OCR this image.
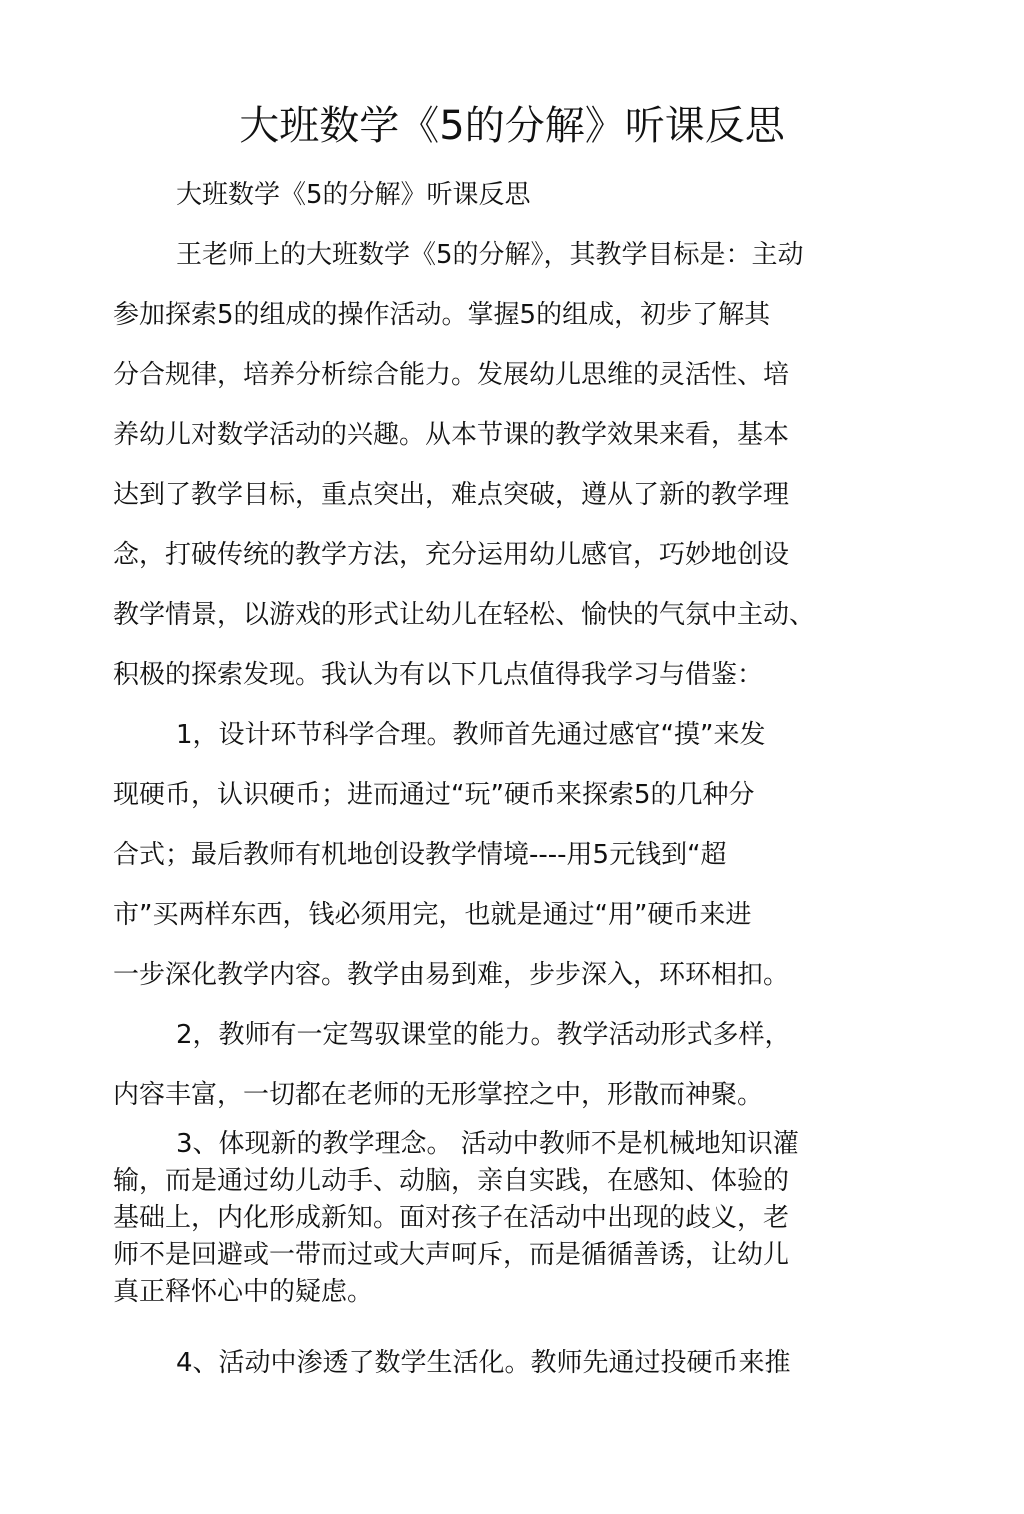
大班数学《5的分解》听课反思
大班数学《5的分解》听课反思
王老师上的大班数学《5的分解》，其教学目标是：主动
参加探索5的组成的操作活动。掌握5的组成，初步了解其
分合规律，培养分析综合能力。发展幼儿思维的灵活性、培
养幼儿对数学活动的兴趣。从本节课的教学效果来看，基本
达到了教学目标，重点突出，难点突破，遵从了新的教学理
念，打破传统的教学方法，充分运用幼儿感官，巧妙地创设
教学情景，以游戏的形式让幼儿在轻松、愉快的气氛中主动、
积极的探索发现。我认为有以下几点值得我学习与借鉴：
1，设计环节科学合理。教师首先通过感官“摸”来发
现硬币，认识硬币；进而通过“玩”硬币来探索5的几种分
合式；最后教师有机地创设教学情境----用5元钱到“超
市”买两样东西，钱必须用完，也就是通过“用”硬币来进
一步深化教学内容。教学由易到难，步步深入，环环相扣。
2，教师有一定驾驭课堂的能力。教学活动形式多样，
内容丰富，一切都在老师的无形掌控之中，形散而神聚。
3、体现新的教学理念。 活动中教师不是机械地知识灌
输，而是通过幼儿动手、动脑，亲自实践，在感知、体验的
基础上，内化形成新知。面对孩子在活动中出现的歧义，老
师不是回避或一带而过或大声呵斥，而是循循善诱，让幼儿
真正释怀心中的疑虑。
4、活动中渗透了数学生活化。教师先通过投硬币来推
